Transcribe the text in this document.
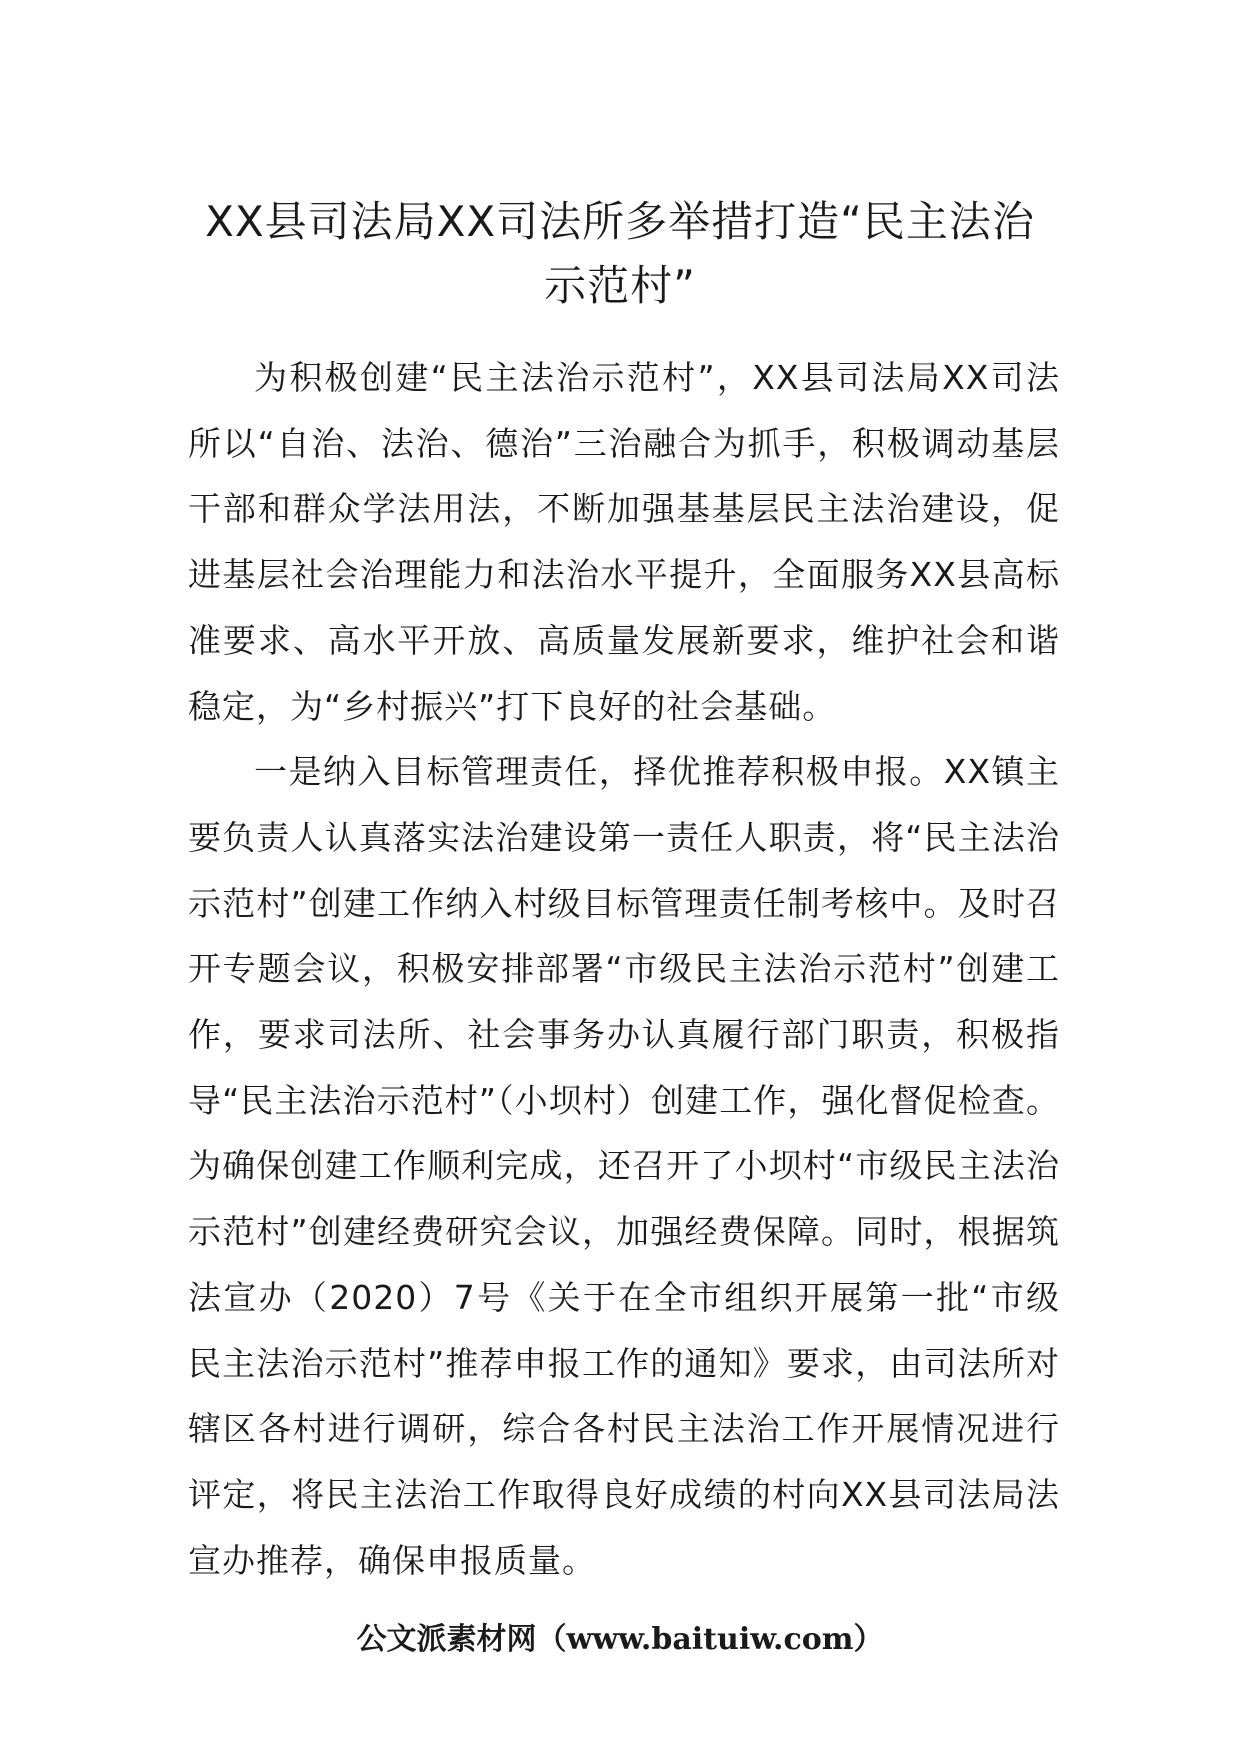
XX县司法局XX司法所多举措打造“民主法治示范村”

为积极创建“民主法治示范村”，XX县司法局XX司法所以“自治、法治、德治”三治融合为抓手，积极调动基层干部和群众学法用法，不断加强基基层民主法治建设，促进基层社会治理能力和法治水平提升，全面服务XX县高标准要求、高水平开放、高质量发展新要求，维护社会和谐稳定，为“乡村振兴”打下良好的社会基础。

一是纳入目标管理责任，择优推荐积极申报。XX镇主要负责人认真落实法治建设第一责任人职责，将“民主法治示范村”创建工作纳入村级目标管理责任制考核中。及时召开专题会议，积极安排部署“市级民主法治示范村”创建工作，要求司法所、社会事务办认真履行部门职责，积极指导“民主法治示范村”（小坝村）创建工作，强化督促检查。为确保创建工作顺利完成，还召开了小坝村“市级民主法治示范村”创建经费研究会议，加强经费保障。同时，根据筑法宣办（2020）7号《关于在全市组织开展第一批“市级民主法治示范村”推荐申报工作的通知》要求，由司法所对辖区各村进行调研，综合各村民主法治工作开展情况进行评定，将民主法治工作取得良好成绩的村向XX县司法局法宣办推荐，确保申报质量。

公文派素材网（www.baituiw.com）
